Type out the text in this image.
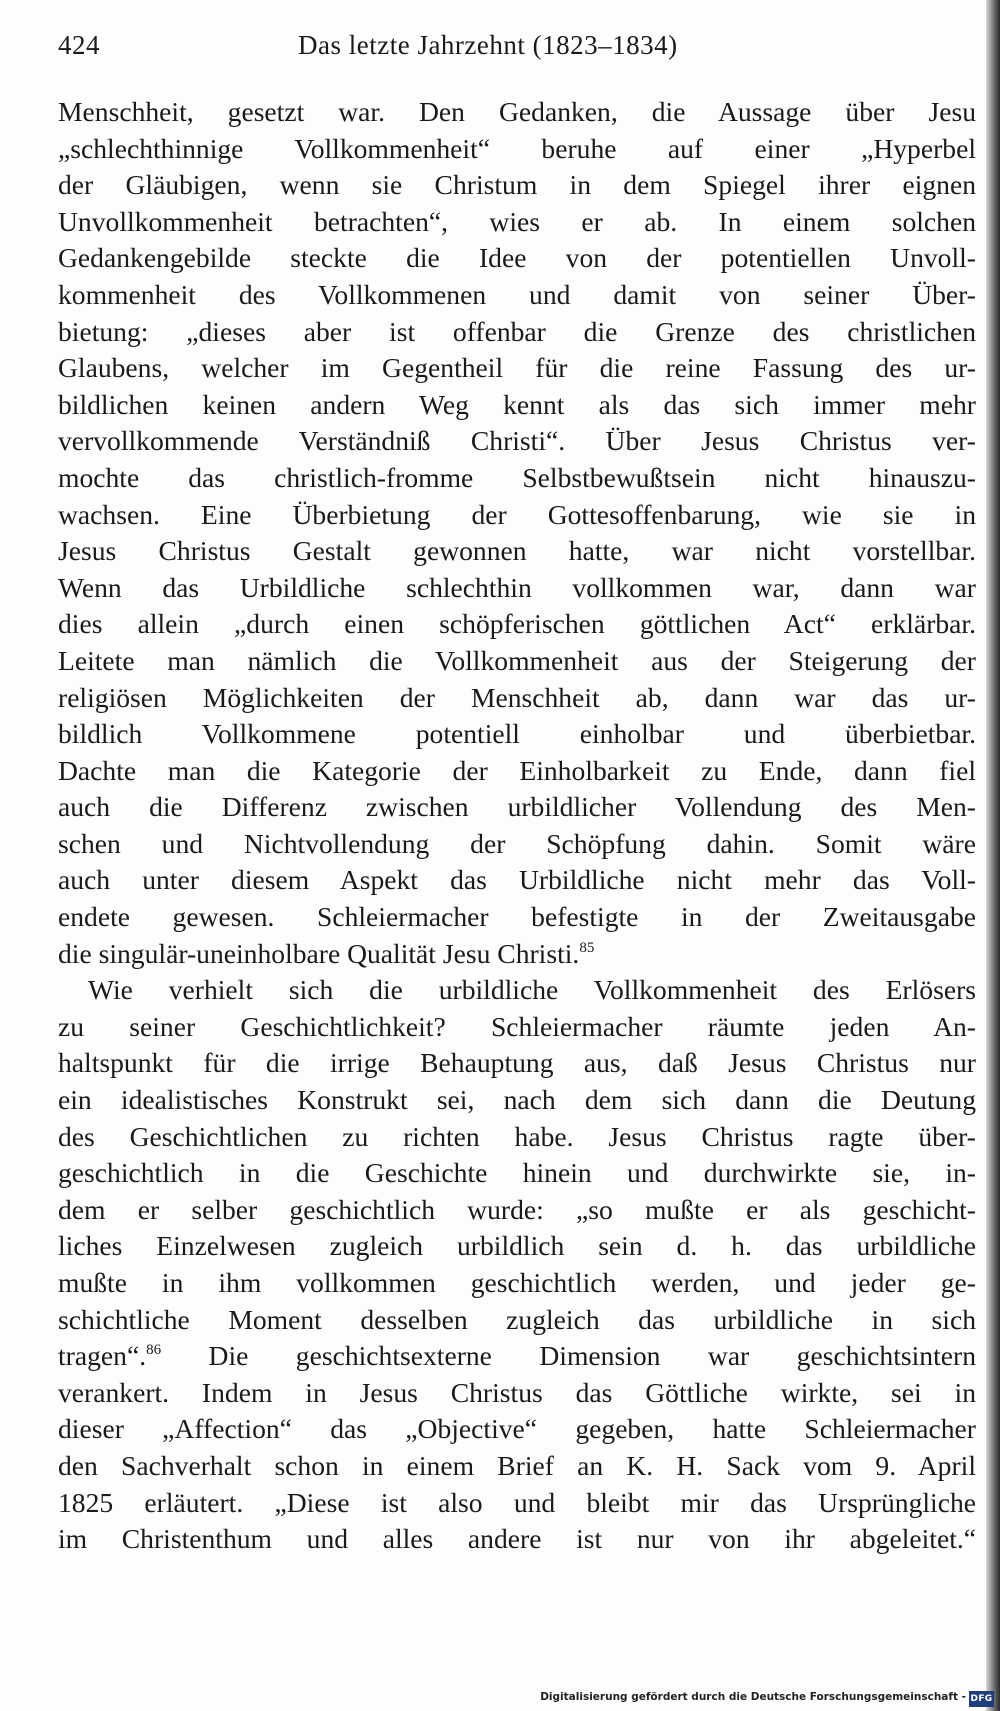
424	Das letzte Jahrzehnt (1823–1834)
Menschheit, gesetzt war. Den Gedanken, die Aussage über Jesu
„schlechthinnige Vollkommenheit“ beruhe auf einer „Hyperbel
der Gläubigen, wenn sie Christum in dem Spiegel ihrer eignen
Unvollkommenheit betrachten“, wies er ab. In einem solchen
Gedankengebilde steckte die Idee von der potentiellen Unvoll-
kommenheit des Vollkommenen und damit von seiner Über-
bietung: „dieses aber ist offenbar die Grenze des christlichen
Glaubens, welcher im Gegentheil für die reine Fassung des ur-
bildlichen keinen andern Weg kennt als das sich immer mehr
vervollkommende Verständniß Christi“. Über Jesus Christus ver-
mochte das christlich-fromme Selbstbewußtsein nicht hinauszu-
wachsen. Eine Überbietung der Gottesoffenbarung, wie sie in
Jesus Christus Gestalt gewonnen hatte, war nicht vorstellbar.
Wenn das Urbildliche schlechthin vollkommen war, dann war
dies allein „durch einen schöpferischen göttlichen Act“ erklärbar.
Leitete man nämlich die Vollkommenheit aus der Steigerung der
religiösen Möglichkeiten der Menschheit ab, dann war das ur-
bildlich Vollkommene potentiell einholbar und überbietbar.
Dachte man die Kategorie der Einholbarkeit zu Ende, dann fiel
auch die Differenz zwischen urbildlicher Vollendung des Men-
schen und Nichtvollendung der Schöpfung dahin. Somit wäre
auch unter diesem Aspekt das Urbildliche nicht mehr das Voll-
endete gewesen. Schleiermacher befestigte in der Zweitausgabe
die singulär-uneinholbare Qualität Jesu Christi.$^{85}$
Wie verhielt sich die urbildliche Vollkommenheit des Erlösers
zu seiner Geschichtlichkeit? Schleiermacher räumte jeden An-
haltspunkt für die irrige Behauptung aus, daß Jesus Christus nur
ein idealistisches Konstrukt sei, nach dem sich dann die Deutung
des Geschichtlichen zu richten habe. Jesus Christus ragte über-
geschichtlich in die Geschichte hinein und durchwirkte sie, in-
dem er selber geschichtlich wurde: „so mußte er als geschicht-
liches Einzelwesen zugleich urbildlich sein d. h. das urbildliche
mußte in ihm vollkommen geschichtlich werden, und jeder ge-
schichtliche Moment desselben zugleich das urbildliche in sich
tragen“.$^{86}$ Die geschichtsexterne Dimension war geschichtsintern
verankert. Indem in Jesus Christus das Göttliche wirkte, sei in
dieser „Affection“ das „Objective“ gegeben, hatte Schleiermacher
den Sachverhalt schon in einem Brief an K. H. Sack vom 9. April
1825 erläutert. „Diese ist also und bleibt mir das Ursprüngliche
im Christenthum und alles andere ist nur von ihr abgeleitet.“
Digitalisierung gefördert durch die Deutsche Forschungsgemeinschaft - DFG
